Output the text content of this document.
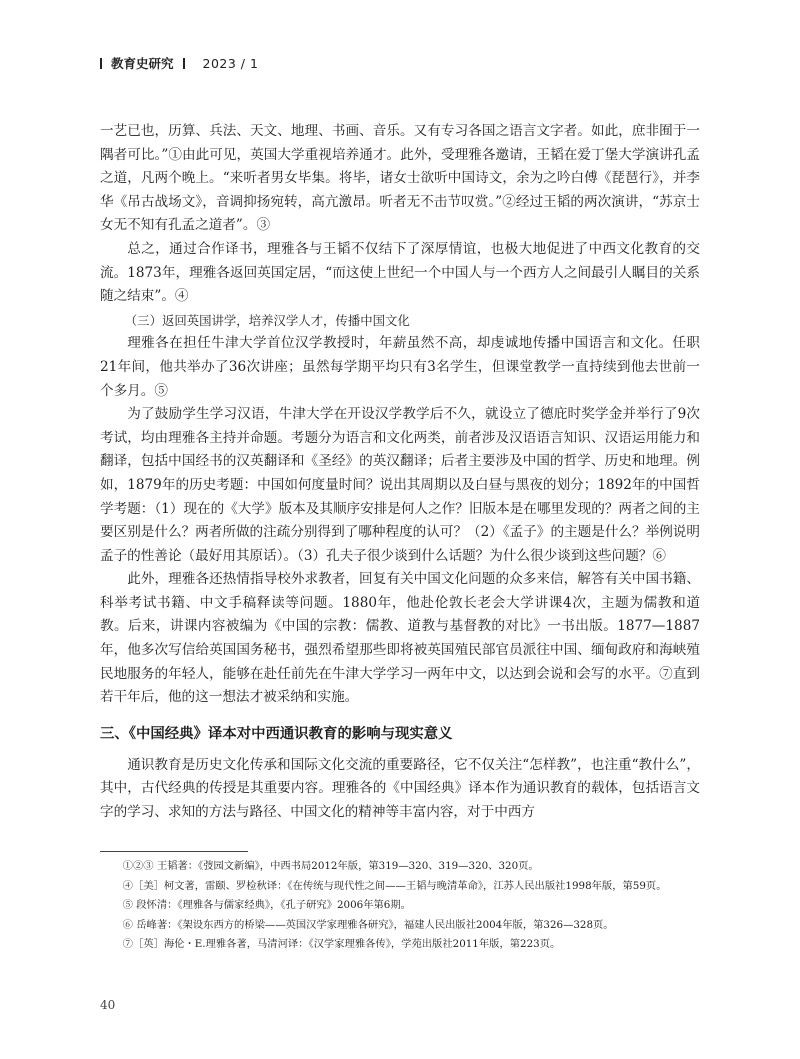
教育史研究 2023 / 1

一艺已也，历算、兵法、天文、地理、书画、音乐。又有专习各国之语言文字者。如此，庶非囿于一隅者可比。”①由此可见，英国大学重视培养通才。此外，受理雅各邀请，王韬在爱丁堡大学演讲孔孟之道，凡两个晚上。“来听者男女毕集。将毕，诸女士欲听中国诗文，余为之吟白傅《琵琶行》，并李华《吊古战场文》，音调抑扬宛转，高亢激昂。听者无不击节叹赏。”②经过王韬的两次演讲，“苏京士女无不知有孔孟之道者”。③

总之，通过合作译书，理雅各与王韬不仅结下了深厚情谊，也极大地促进了中西文化教育的交流。1873年，理雅各返回英国定居，“而这使上世纪一个中国人与一个西方人之间最引人瞩目的关系随之结束”。④

（三）返回英国讲学，培养汉学人才，传播中国文化

理雅各在担任牛津大学首位汉学教授时，年薪虽然不高，却虔诚地传播中国语言和文化。任职21年间，他共举办了36次讲座；虽然每学期平均只有3名学生，但课堂教学一直持续到他去世前一个多月。⑤

为了鼓励学生学习汉语，牛津大学在开设汉学教学后不久，就设立了德庇时奖学金并举行了9次考试，均由理雅各主持并命题。考题分为语言和文化两类，前者涉及汉语语言知识、汉语运用能力和翻译，包括中国经书的汉英翻译和《圣经》的英汉翻译；后者主要涉及中国的哲学、历史和地理。例如，1879年的历史考题：中国如何度量时间？说出其周期以及白昼与黑夜的划分；1892年的中国哲学考题：（1）现在的《大学》版本及其顺序安排是何人之作？旧版本是在哪里发现的？两者之间的主要区别是什么？两者所做的注疏分别得到了哪种程度的认可？（2）《孟子》的主题是什么？举例说明孟子的性善论（最好用其原话）。（3）孔夫子很少谈到什么话题？为什么很少谈到这些问题？⑥

此外，理雅各还热情指导校外求教者，回复有关中国文化问题的众多来信，解答有关中国书籍、科举考试书籍、中文手稿释读等问题。1880年，他赴伦敦长老会大学讲课4次，主题为儒教和道教。后来，讲课内容被编为《中国的宗教：儒教、道教与基督教的对比》一书出版。1877—1887年，他多次写信给英国国务秘书，强烈希望那些即将被英国殖民部官员派往中国、缅甸政府和海峡殖民地服务的年轻人，能够在赴任前先在牛津大学学习一两年中文，以达到会说和会写的水平。⑦直到若干年后，他的这一想法才被采纳和实施。

三、《中国经典》译本对中西通识教育的影响与现实意义

通识教育是历史文化传承和国际文化交流的重要路径，它不仅关注“怎样教”，也注重“教什么”，其中，古代经典的传授是其重要内容。理雅各的《中国经典》译本作为通识教育的载体，包括语言文字的学习、求知的方法与路径、中国文化的精神等丰富内容，对于中西方

①②③ 王韬著：《弢园文新编》，中西书局2012年版，第319—320、319—320、320页。

④［美］柯文著，雷颐、罗检秋译：《在传统与现代性之间——王韬与晚清革命》，江苏人民出版社1998年版，第59页。

⑤ 段怀清：《理雅各与儒家经典》，《孔子研究》2006年第6期。

⑥ 岳峰著：《架设东西方的桥梁——英国汉学家理雅各研究》，福建人民出版社2004年版，第326—328页。

⑦［英］海伦・E.理雅各著，马清河译：《汉学家理雅各传》，学苑出版社2011年版，第223页。

40
